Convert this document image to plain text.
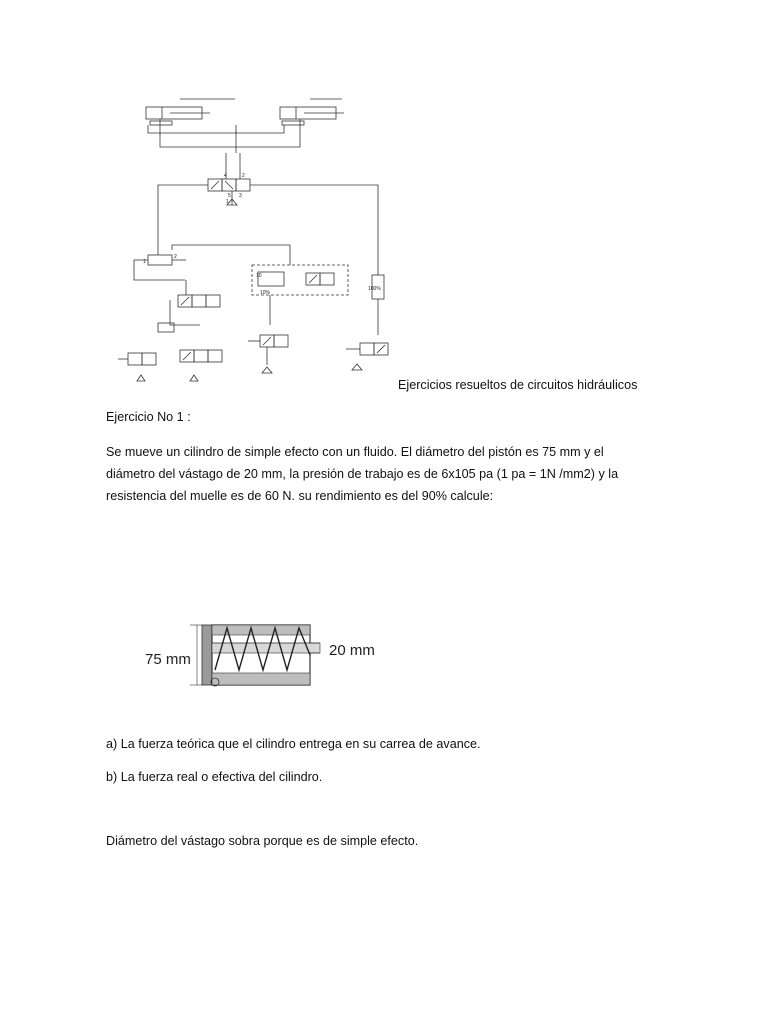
4	2
5 3
1
1
2
10
10%
100%
Ejercicios resueltos de circuitos hidráulicos
Ejercicio No 1 :
Se mueve un cilindro de simple efecto con un fluido. El diámetro del pistón es 75 mm y el
diámetro del vástago de 20 mm, la presión de trabajo es de 6x105 pa (1 pa = 1N /mm2) y la
resistencia del muelle es de 60 N. su rendimiento es del 90% calcule:
75 mm
20 mm
a) La fuerza teórica que el cilindro entrega en su carrea de avance.
b) La fuerza real o efectiva del cilindro.
Diámetro del vástago sobra porque es de simple efecto.
